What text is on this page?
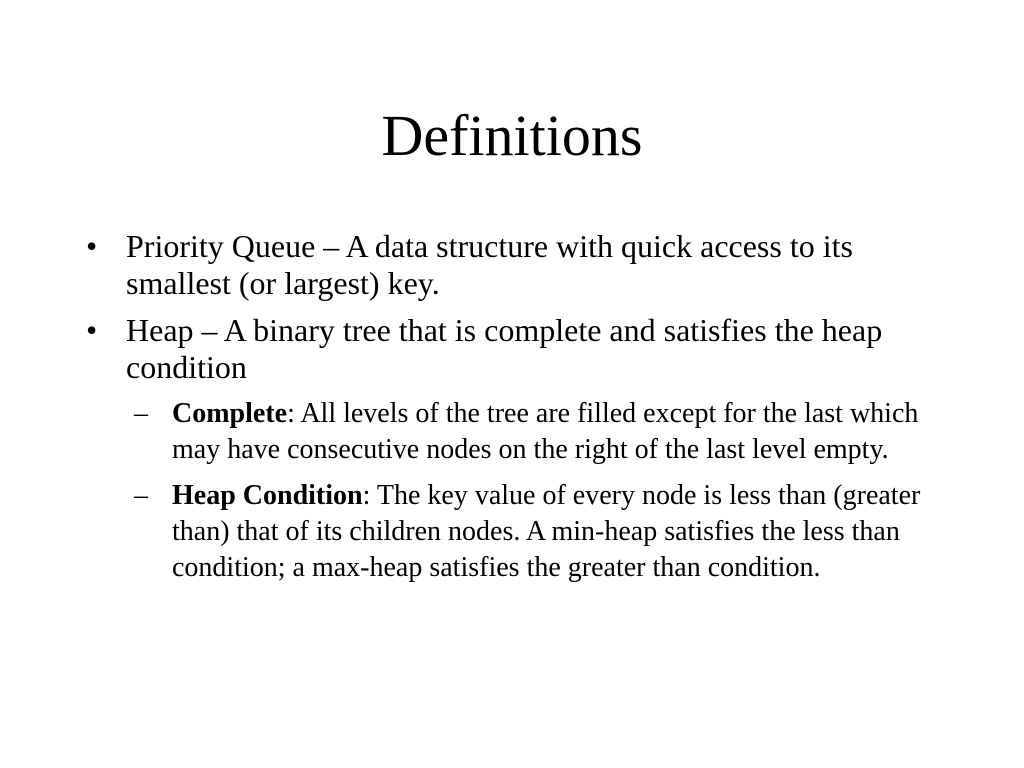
Definitions
• Priority Queue – A data structure with quick access to its smallest (or largest) key.
• Heap – A binary tree that is complete and satisfies the heap condition
– Complete: All levels of the tree are filled except for the last which may have consecutive nodes on the right of the last level empty.
– Heap Condition: The key value of every node is less than (greater than) that of its children nodes. A min-heap satisfies the less than condition; a max-heap satisfies the greater than condition.
